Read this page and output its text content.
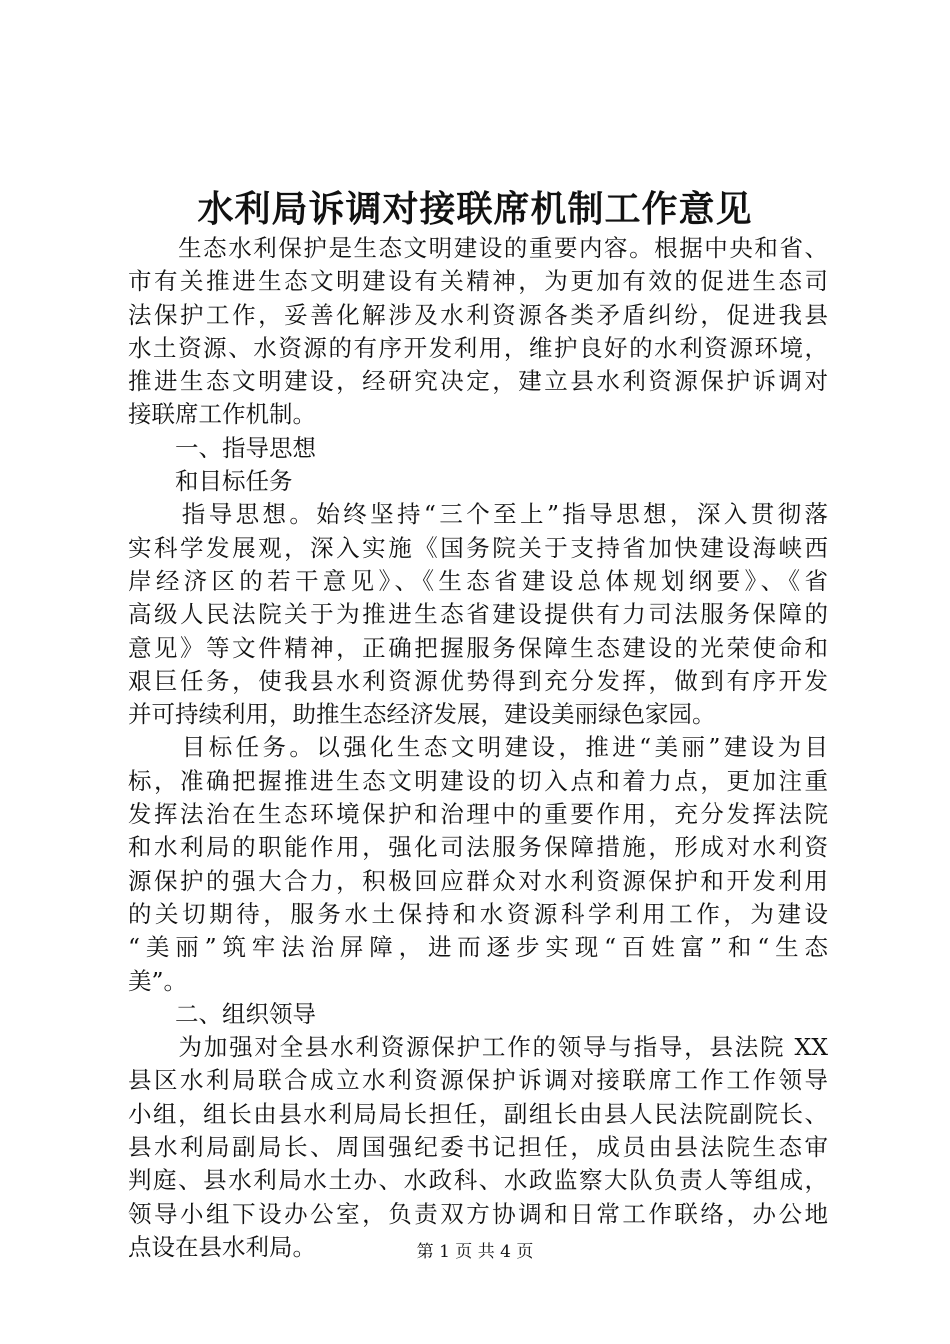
水利局诉调对接联席机制工作意见
　　生态水利保护是生态文明建设的重要内容。根据中央和省、
市有关推进生态文明建设有关精神，为更加有效的促进生态司
法保护工作，妥善化解涉及水利资源各类矛盾纠纷，促进我县
水土资源、水资源的有序开发利用，维护良好的水利资源环境，
推进生态文明建设，经研究决定，建立县水利资源保护诉调对
接联席工作机制。
　　一、指导思想
　　和目标任务
　　指导思想。始终坚持“三个至上”指导思想，深入贯彻落
实科学发展观，深入实施《国务院关于支持省加快建设海峡西
岸经济区的若干意见》、《生态省建设总体规划纲要》、《省
高级人民法院关于为推进生态省建设提供有力司法服务保障的
意见》等文件精神，正确把握服务保障生态建设的光荣使命和
艰巨任务，使我县水利资源优势得到充分发挥，做到有序开发
并可持续利用，助推生态经济发展，建设美丽绿色家园。
　　目标任务。以强化生态文明建设，推进“美丽”建设为目
标，准确把握推进生态文明建设的切入点和着力点，更加注重
发挥法治在生态环境保护和治理中的重要作用，充分发挥法院
和水利局的职能作用，强化司法服务保障措施，形成对水利资
源保护的强大合力，积极回应群众对水利资源保护和开发利用
的关切期待，服务水土保持和水资源科学利用工作，为建设
“美丽”筑牢法治屏障，进而逐步实现“百姓富”和“生态
美”。
　　二、组织领导
　　为加强对全县水利资源保护工作的领导与指导，县法院 XX
县区水利局联合成立水利资源保护诉调对接联席工作工作领导
小组，组长由县水利局局长担任，副组长由县人民法院副院长、
县水利局副局长、周国强纪委书记担任，成员由县法院生态审
判庭、县水利局水土办、水政科、水政监察大队负责人等组成，
领导小组下设办公室，负责双方协调和日常工作联络，办公地
点设在县水利局。	第 1 页 共 4 页
